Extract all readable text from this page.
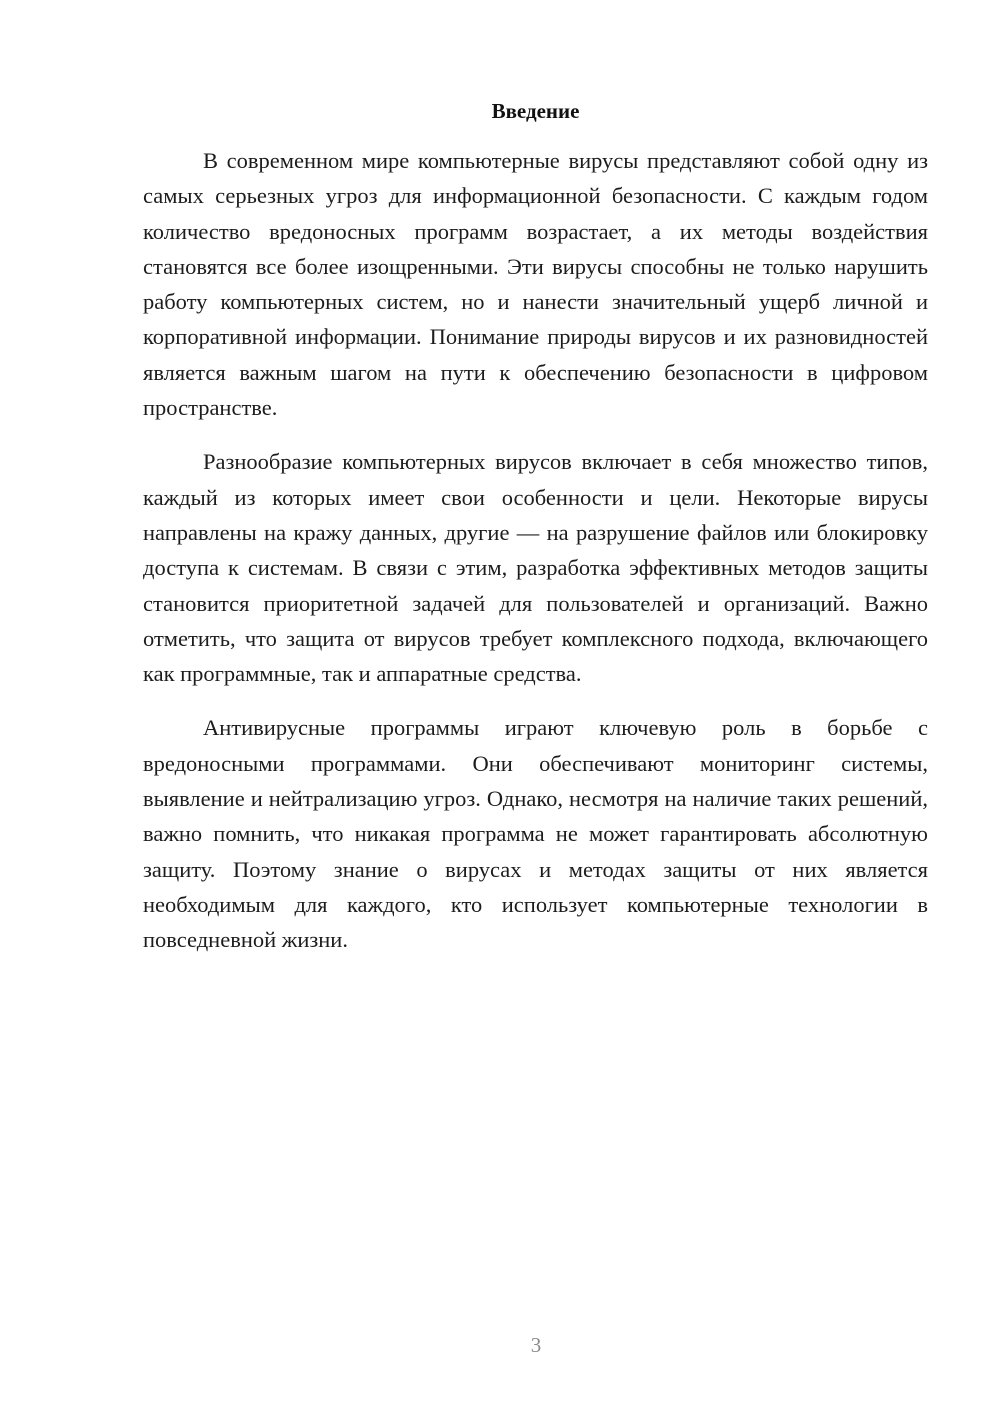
Введение

В современном мире компьютерные вирусы представляют собой одну из самых серьезных угроз для информационной безопасности. С каждым годом количество вредоносных программ возрастает, а их методы воздействия становятся все более изощренными. Эти вирусы способны не только нарушить работу компьютерных систем, но и нанести значительный ущерб личной и корпоративной информации. Понимание природы вирусов и их разновидностей является важным шагом на пути к обеспечению безопасности в цифровом пространстве.

Разнообразие компьютерных вирусов включает в себя множество типов, каждый из которых имеет свои особенности и цели. Некоторые вирусы направлены на кражу данных, другие — на разрушение файлов или блокировку доступа к системам. В связи с этим, разработка эффективных методов защиты становится приоритетной задачей для пользователей и организаций. Важно отметить, что защита от вирусов требует комплексного подхода, включающего как программные, так и аппаратные средства.

Антивирусные программы играют ключевую роль в борьбе с вредоносными программами. Они обеспечивают мониторинг системы, выявление и нейтрализацию угроз. Однако, несмотря на наличие таких решений, важно помнить, что никакая программа не может гарантировать абсолютную защиту. Поэтому знание о вирусах и методах защиты от них является необходимым для каждого, кто использует компьютерные технологии в повседневной жизни.

3
